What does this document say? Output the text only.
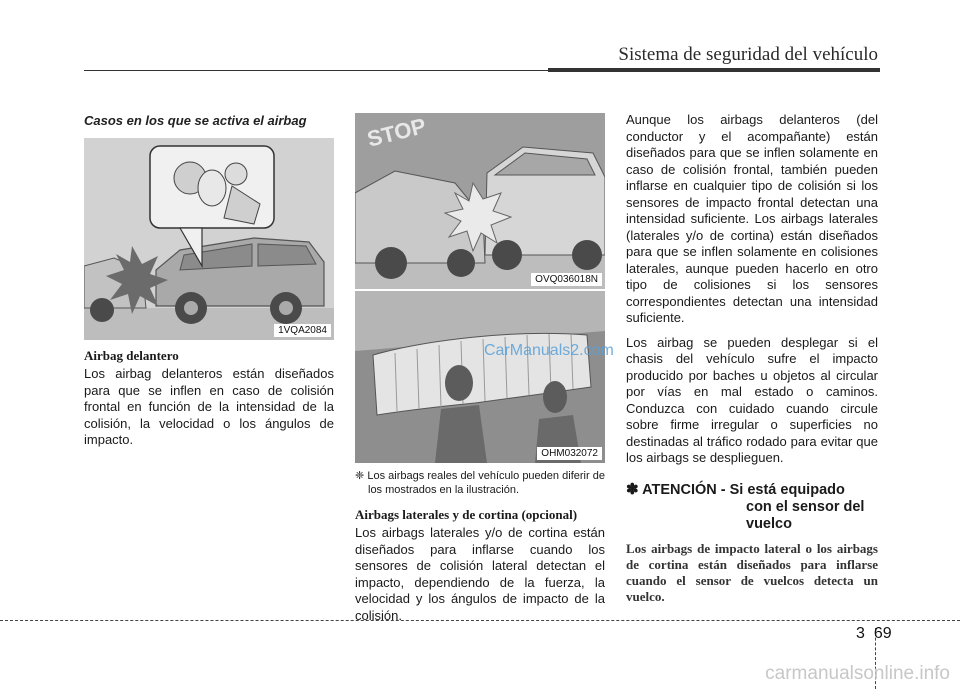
Sistema de seguridad del vehículo
Casos en los que se activa el airbag
1VQA2084
Airbag delantero

Los airbag delanteros están diseñados para que se inflen en caso de colisión frontal en función de la intensidad de la colisión, la velocidad o los ángulos de impacto.

STOP
OVQ036018N
OHM032072
❈ Los airbags reales del vehículo pueden diferir de los mostrados en la ilustración.
Airbags laterales y de cortina (opcional)

Los airbags laterales y/o de cortina están diseñados para inflarse cuando los sensores de colisión lateral detectan el impacto, dependiendo de la fuerza, la velocidad y los ángulos de impacto de la colisión.

Aunque los airbags delanteros (del conductor y el acompañante) están diseñados para que se inflen solamente en caso de colisión frontal, también pueden inflarse en cualquier tipo de colisión si los sensores de impacto frontal detectan una intensidad suficiente. Los airbags laterales (laterales y/o de cortina) están diseñados para que se inflen solamente en colisiones laterales, aunque pueden hacerlo en otro tipo de colisiones si los sensores correspondientes detectan una intensidad suficiente.

Los airbag se pueden desplegar si el chasis del vehículo sufre el impacto producido por baches u objetos al circular por vías en mal estado o caminos. Conduzca con cuidado cuando circule sobre firme irregular o superficies no destinadas al tráfico rodado para evitar que los airbags se desplieguen.

✽ ATENCIÓN - Si está equipado
con el sensor del
vuelco
Los airbags de impacto lateral o los airbags de cortina están diseñados para inflarse cuando el sensor de vuelcos detecta un vuelco.
CarManuals2.com
3 69
carmanualsonline.info
